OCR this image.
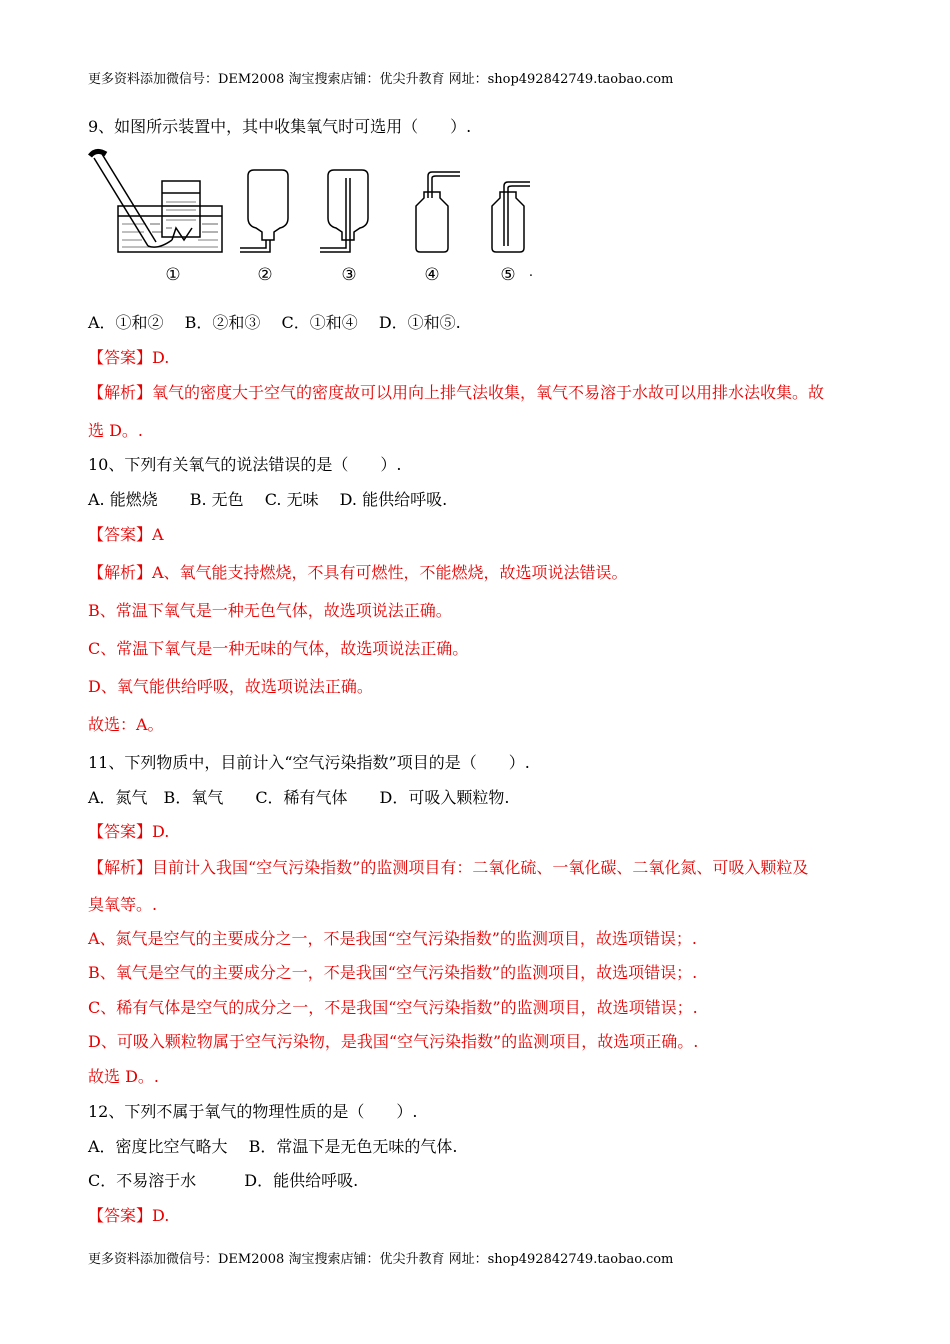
更多资料添加微信号：DEM2008 淘宝搜索店铺：优尖升教育 网址：shop492842749.taobao.com
9、如图所示装置中，其中收集氧气时可选用（　　）.
①	②	③	④	⑤	.
A．①和②　 B．②和③　 C．①和④　 D．①和⑤.
【答案】D.
【解析】氧气的密度大于空气的密度故可以用向上排气法收集，氧气不易溶于水故可以用排水法收集。故
选 D。.
10、下列有关氧气的说法错误的是（　　）.
A. 能燃烧　　B. 无色　 C. 无味　 D. 能供给呼吸.
【答案】A
【解析】A、氧气能支持燃烧，不具有可燃性，不能燃烧，故选项说法错误。
B、常温下氧气是一种无色气体，故选项说法正确。
C、常温下氧气是一种无味的气体，故选项说法正确。
D、氧气能供给呼吸，故选项说法正确。
故选：A。
11、下列物质中，目前计入“空气污染指数”项目的是（　　）.
A．氮气　B．氧气　　C．稀有气体　　D．可吸入颗粒物.
【答案】D.
【解析】目前计入我国“空气污染指数”的监测项目有：二氧化硫、一氧化碳、二氧化氮、可吸入颗粒及
臭氧等。.
A、氮气是空气的主要成分之一，不是我国“空气污染指数”的监测项目，故选项错误；.
B、氧气是空气的主要成分之一，不是我国“空气污染指数”的监测项目，故选项错误；.
C、稀有气体是空气的成分之一，不是我国“空气污染指数”的监测项目，故选项错误；.
D、可吸入颗粒物属于空气污染物，是我国“空气污染指数”的监测项目，故选项正确。.
故选 D。.
12、下列不属于氧气的物理性质的是（　　）.
A．密度比空气略大　 B．常温下是无色无味的气体.
C．不易溶于水　　　D．能供给呼吸.
【答案】D.
更多资料添加微信号：DEM2008 淘宝搜索店铺：优尖升教育 网址：shop492842749.taobao.com
